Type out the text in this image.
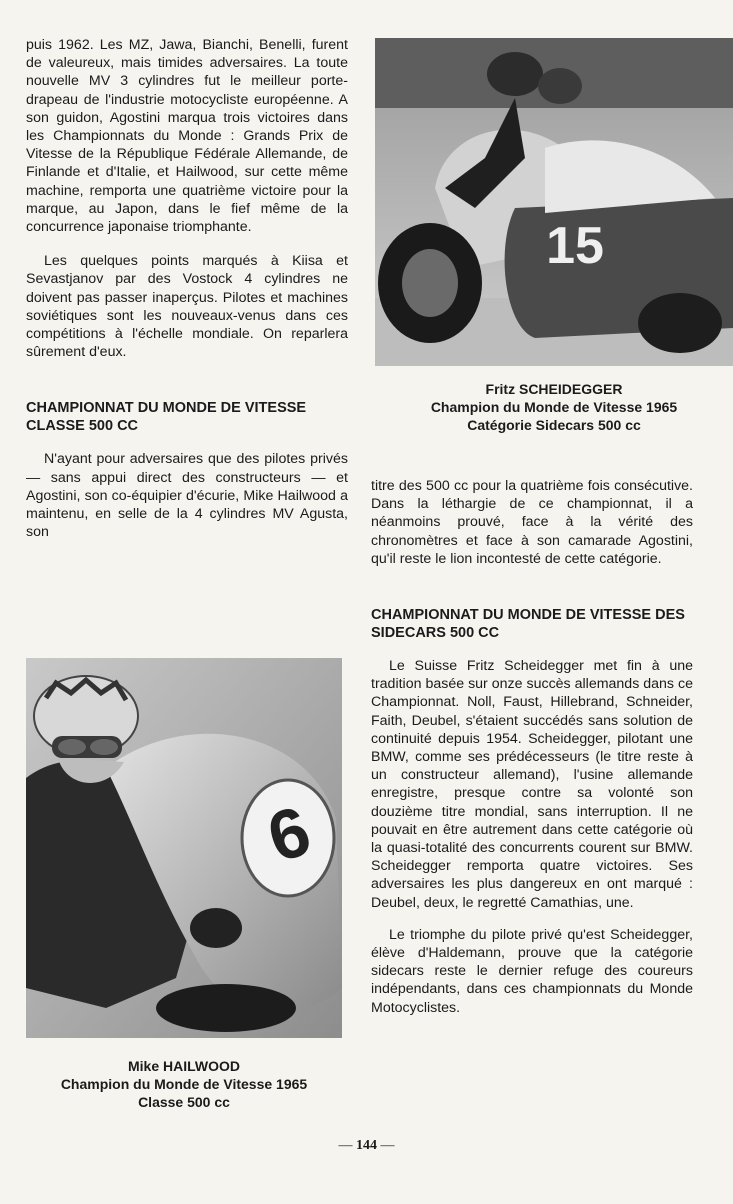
puis 1962. Les MZ, Jawa, Bianchi, Benelli, furent de valeureux, mais timides adversaires. La toute nouvelle MV 3 cylindres fut le meilleur porte-drapeau de l'industrie motocycliste européenne. A son guidon, Agostini marqua trois victoires dans les Championnats du Monde : Grands Prix de Vitesse de la République Fédérale Allemande, de Finlande et d'Italie, et Hailwood, sur cette même machine, remporta une quatrième victoire pour la marque, au Japon, dans le fief même de la concurrence japonaise triomphante.

Les quelques points marqués à Kiisa et Sevastjanov par des Vostock 4 cylindres ne doivent pas passer inaperçus. Pilotes et machines soviétiques sont les nouveaux-venus dans ces compétitions à l'échelle mondiale. On reparlera sûrement d'eux.

CHAMPIONNAT DU MONDE DE VITESSE CLASSE 500 CC

N'ayant pour adversaires que des pilotes privés — sans appui direct des constructeurs — et Agostini, son co-équipier d'écurie, Mike Hailwood a maintenu, en selle de la 4 cylindres MV Agusta, son

6

Mike HAILWOOD

Champion du Monde de Vitesse 1965

Classe 500 cc

15

Fritz SCHEIDEGGER

Champion du Monde de Vitesse 1965

Catégorie Sidecars 500 cc

titre des 500 cc pour la quatrième fois consécutive. Dans la léthargie de ce championnat, il a néanmoins prouvé, face à la vérité des chronomètres et face à son camarade Agostini, qu'il reste le lion incontesté de cette catégorie.

CHAMPIONNAT DU MONDE DE VITESSE DES SIDECARS 500 CC

Le Suisse Fritz Scheidegger met fin à une tradition basée sur onze succès allemands dans ce Championnat. Noll, Faust, Hillebrand, Schneider, Faith, Deubel, s'étaient succédés sans solution de continuité depuis 1954. Scheidegger, pilotant une BMW, comme ses prédécesseurs (le titre reste à un constructeur allemand), l'usine allemande enregistre, presque contre sa volonté son douzième titre mondial, sans interruption. Il ne pouvait en être autrement dans cette catégorie où la quasi-totalité des concurrents courent sur BMW. Scheidegger remporta quatre victoires. Ses adversaires les plus dangereux en ont marqué : Deubel, deux, le regretté Camathias, une.

Le triomphe du pilote privé qu'est Scheidegger, élève d'Haldemann, prouve que la catégorie sidecars reste le dernier refuge des coureurs indépendants, dans ces championnats du Monde Motocyclistes.

— 144 —
